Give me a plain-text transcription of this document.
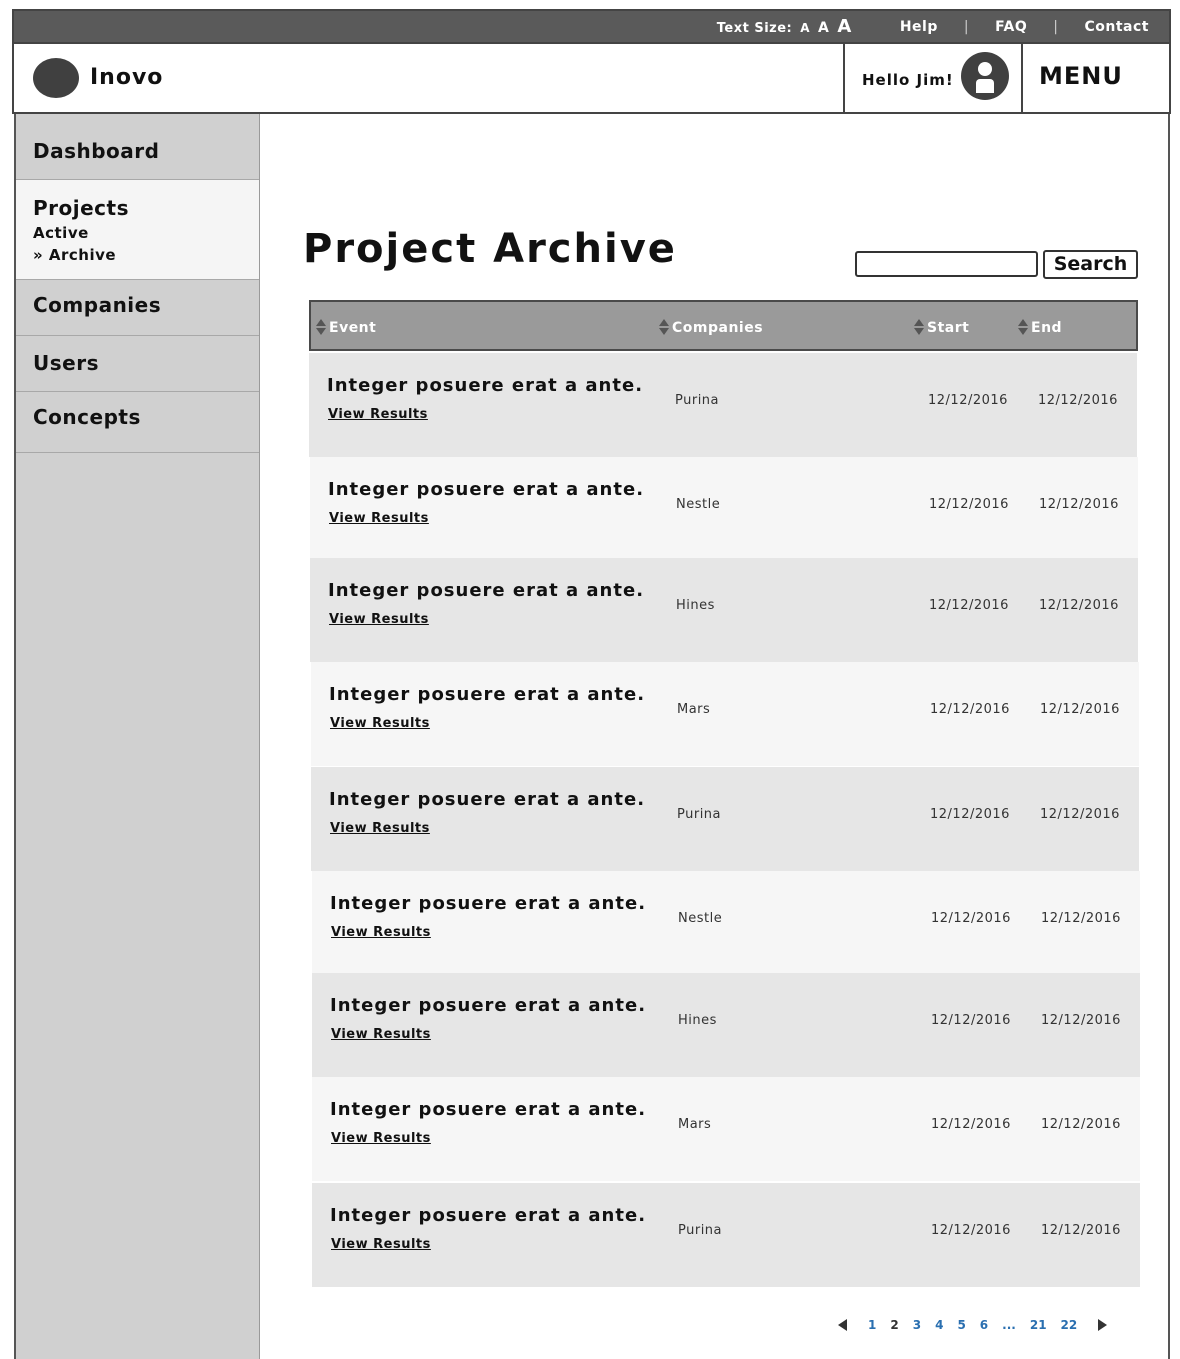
Text Size: A A A	Help | FAQ | Contact
Inovo	Hello Jim!	MENU
Dashboard
Projects
Active
» Archive
Companies
Users
Concepts
Project Archive	Search
Event	Companies	Start	End
Integer posuere erat a ante.
View Results
Purina	12/12/2016 12/12/2016
Integer posuere erat a ante.
View Results
Nestle	12/12/2016 12/12/2016
Integer posuere erat a ante.
View Results
Hines	12/12/2016 12/12/2016
Integer posuere erat a ante.
View Results
Mars	12/12/2016 12/12/2016
Integer posuere erat a ante.
View Results
Purina	12/12/2016 12/12/2016
Integer posuere erat a ante.
View Results
Nestle	12/12/2016 12/12/2016
Integer posuere erat a ante.
View Results
Hines	12/12/2016 12/12/2016
Integer posuere erat a ante.
View Results
Mars	12/12/2016 12/12/2016
Integer posuere erat a ante.
View Results
Purina	12/12/2016 12/12/2016
1 2 3 4 5 6 ... 21 22
